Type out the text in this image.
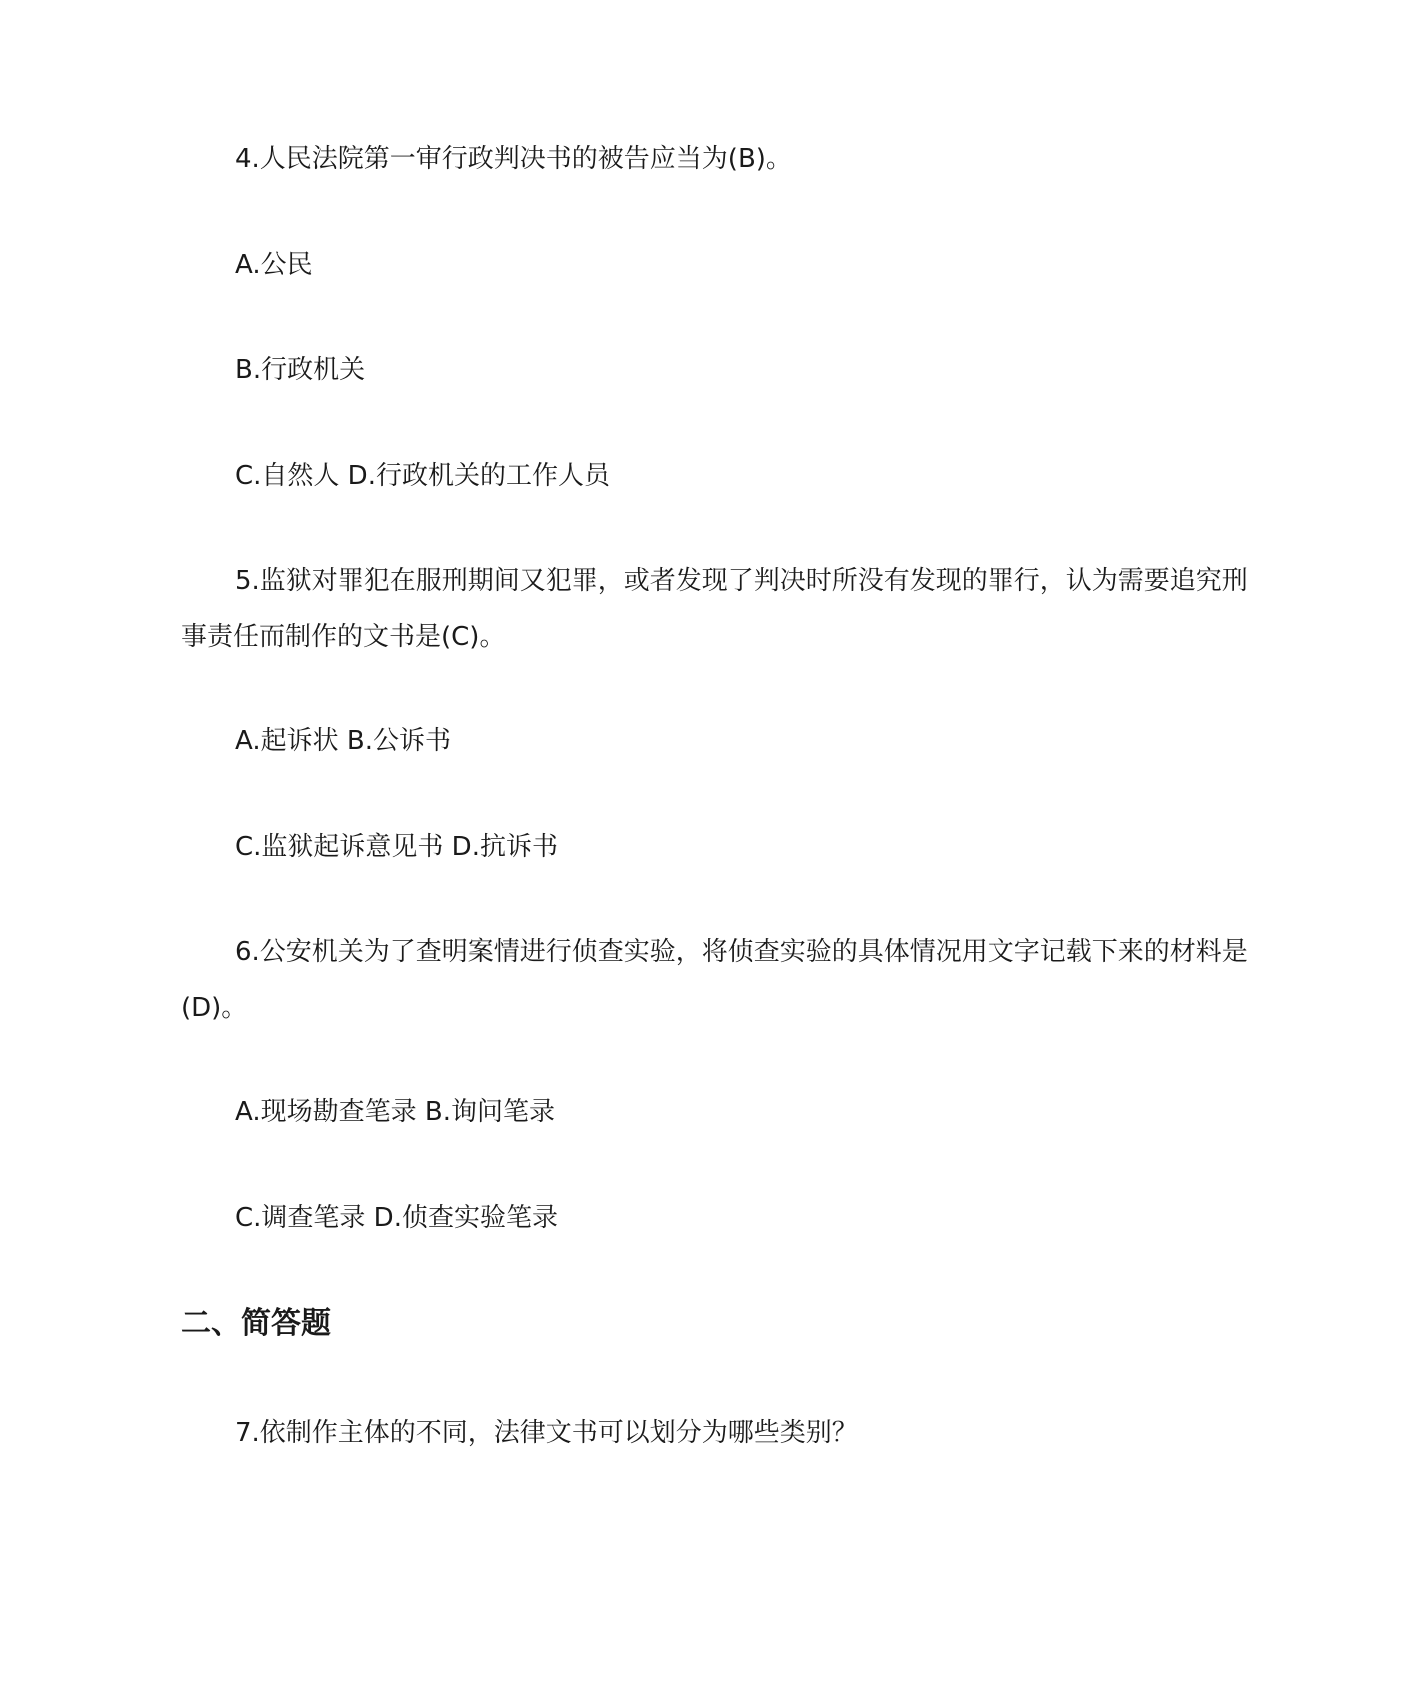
4.人民法院第一审行政判决书的被告应当为(B)。
A.公民
B.行政机关
C.自然人 D.行政机关的工作人员
5.监狱对罪犯在服刑期间又犯罪，或者发现了判决时所没有发现的罪行，认为需要追究刑事责任而制作的文书是(C)。
A.起诉状 B.公诉书
C.监狱起诉意见书 D.抗诉书
6.公安机关为了查明案情进行侦查实验，将侦查实验的具体情况用文字记载下来的材料是(D)。
A.现场勘查笔录 B.询问笔录
C.调查笔录 D.侦查实验笔录
二、简答题
7.依制作主体的不同，法律文书可以划分为哪些类别？
